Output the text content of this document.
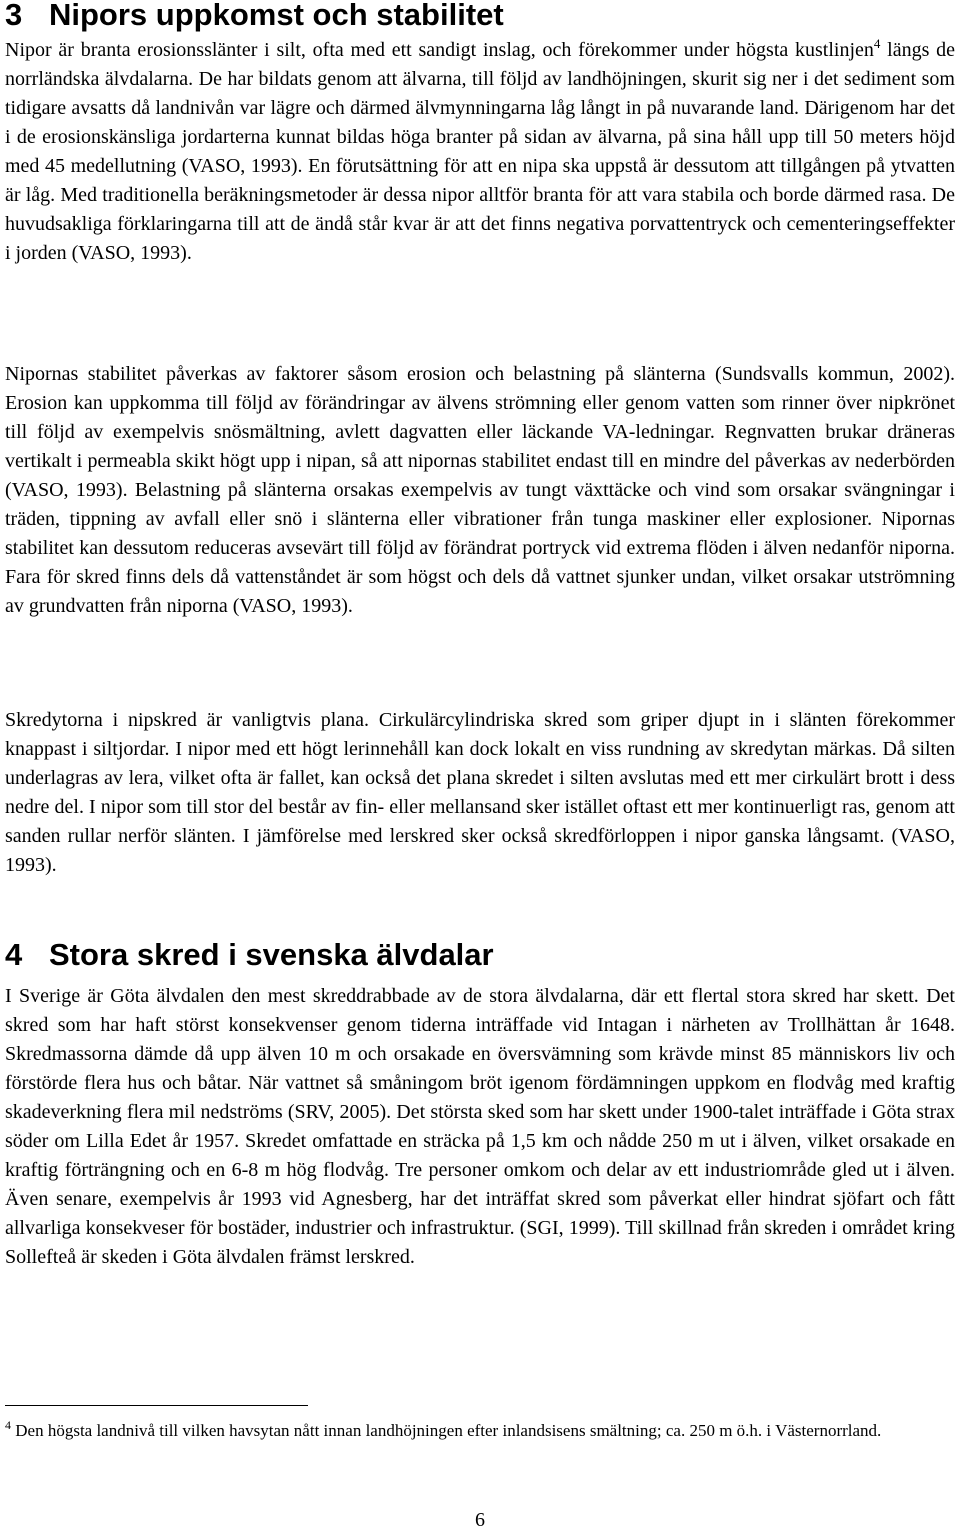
3 Nipors uppkomst och stabilitet

Nipor är branta erosionsslänter i silt, ofta med ett sandigt inslag, och förekommer under högsta kustlinjen$^4$ längs de norrländska älvdalarna. De har bildats genom att älvarna, till följd av landhöjningen, skurit sig ner i det sediment som tidigare avsatts då landnivån var lägre och därmed älvmynningarna låg långt in på nuvarande land. Därigenom har det i de erosionskänsliga jordarterna kunnat bildas höga branter på sidan av älvarna, på sina håll upp till 50 meters höjd med 45 medellutning (VASO, 1993). En förutsättning för att en nipa ska uppstå är dessutom att tillgången på ytvatten är låg. Med traditionella beräkningsmetoder är dessa nipor alltför branta för att vara stabila och borde därmed rasa. De huvudsakliga förklaringarna till att de ändå står kvar är att det finns negativa porvattentryck och cementeringseffekter i jorden (VASO, 1993).

Nipornas stabilitet påverkas av faktorer såsom erosion och belastning på slänterna (Sundsvalls kommun, 2002). Erosion kan uppkomma till följd av förändringar av älvens strömning eller genom vatten som rinner över nipkrönet till följd av exempelvis snösmältning, avlett dagvatten eller läckande VA-ledningar. Regnvatten brukar dräneras vertikalt i permeabla skikt högt upp i nipan, så att nipornas stabilitet endast till en mindre del påverkas av nederbörden (VASO, 1993). Belastning på slänterna orsakas exempelvis av tungt växttäcke och vind som orsakar svängningar i träden, tippning av avfall eller snö i slänterna eller vibrationer från tunga maskiner eller explosioner. Nipornas stabilitet kan dessutom reduceras avsevärt till följd av förändrat portryck vid extrema flöden i älven nedanför niporna. Fara för skred finns dels då vattenståndet är som högst och dels då vattnet sjunker undan, vilket orsakar utströmning av grundvatten från niporna (VASO, 1993).

Skredytorna i nipskred är vanligtvis plana. Cirkulärcylindriska skred som griper djupt in i slänten förekommer knappast i siltjordar. I nipor med ett högt lerinnehåll kan dock lokalt en viss rundning av skredytan märkas. Då silten underlagras av lera, vilket ofta är fallet, kan också det plana skredet i silten avslutas med ett mer cirkulärt brott i dess nedre del. I nipor som till stor del består av fin- eller mellansand sker istället oftast ett mer kontinuerligt ras, genom att sanden rullar nerför slänten. I jämförelse med lerskred sker också skredförloppen i nipor ganska långsamt. (VASO, 1993).

4 Stora skred i svenska älvdalar

I Sverige är Göta älvdalen den mest skreddrabbade av de stora älvdalarna, där ett flertal stora skred har skett. Det skred som har haft störst konsekvenser genom tiderna inträffade vid Intagan i närheten av Trollhättan år 1648. Skredmassorna dämde då upp älven 10 m och orsakade en översvämning som krävde minst 85 människors liv och förstörde flera hus och båtar. När vattnet så småningom bröt igenom fördämningen uppkom en flodvåg med kraftig skadeverkning flera mil nedströms (SRV, 2005). Det största sked som har skett under 1900-talet inträffade i Göta strax söder om Lilla Edet år 1957. Skredet omfattade en sträcka på 1,5 km och nådde 250 m ut i älven, vilket orsakade en kraftig förträngning och en 6-8 m hög flodvåg. Tre personer omkom och delar av ett industriområde gled ut i älven. Även senare, exempelvis år 1993 vid Agnesberg, har det inträffat skred som påverkat eller hindrat sjöfart och fått allvarliga konsekveser för bostäder, industrier och infrastruktur. (SGI, 1999). Till skillnad från skreden i området kring Sollefteå är skeden i Göta älvdalen främst lerskred.

$^4$ Den högsta landnivå till vilken havsytan nått innan landhöjningen efter inlandsisens smältning; ca. 250 m ö.h. i Västernorrland.

6
